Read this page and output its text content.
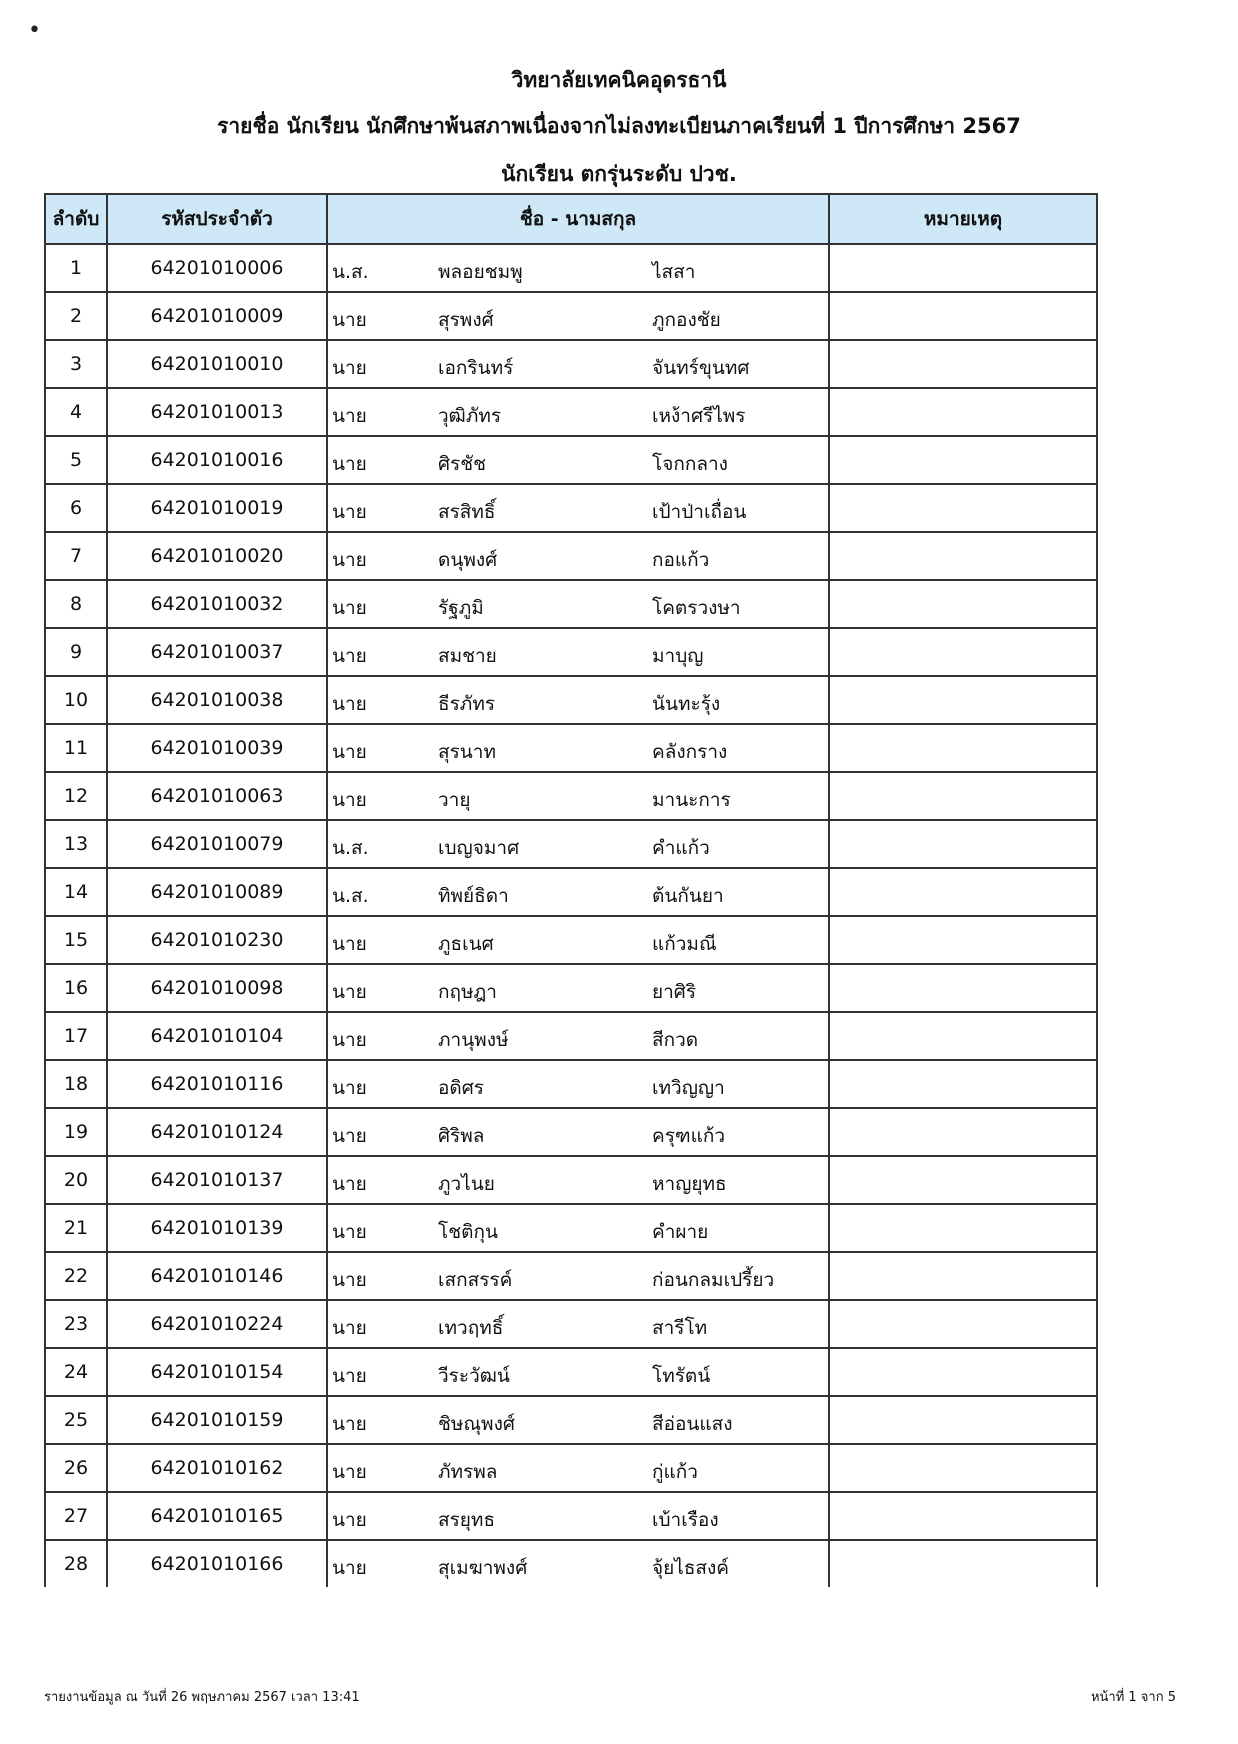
•
วิทยาลัยเทคนิคอุดรธานี
รายชื่อ นักเรียน นักศึกษาพ้นสภาพเนื่องจากไม่ลงทะเบียนภาคเรียนที่ 1 ปีการศึกษา 2567
นักเรียน ตกรุ่นระดับ ปวช.
ลำดับ	รหัสประจำตัว	ชื่อ - นามสกุล	หมายเหตุ
1	64201010006	น.ส. พลอยชมพู ไสสา	

2	64201010009	นาย สุรพงศ์ ภูกองชัย	

3	64201010010	นาย เอกรินทร์ จันทร์ขุนทศ	

4	64201010013	นาย วุฒิภัทร เหง้าศรีไพร	

5	64201010016	นาย ศิรชัช โจกกลาง	

6	64201010019	นาย สรสิทธิ์ เป้าป่าเถื่อน	

7	64201010020	นาย ดนุพงศ์ กอแก้ว	

8	64201010032	นาย รัฐภูมิ โคตรวงษา	

9	64201010037	นาย สมชาย มาบุญ	

10	64201010038	นาย ธีรภัทร นันทะรุ้ง	

11	64201010039	นาย สุรนาท คลังกราง	

12	64201010063	นาย วายุ มานะการ	

13	64201010079	น.ส. เบญจมาศ คำแก้ว	

14	64201010089	น.ส. ทิพย์ธิดา ต้นกันยา	

15	64201010230	นาย ภูธเนศ แก้วมณี	

16	64201010098	นาย กฤษฎา ยาศิริ	

17	64201010104	นาย ภานุพงษ์ สีกวด	

18	64201010116	นาย อดิศร เทวิญญา	

19	64201010124	นาย ศิริพล ครุฑแก้ว	

20	64201010137	นาย ภูวไนย หาญยุทธ	

21	64201010139	นาย โชติกุน คำผาย	

22	64201010146	นาย เสกสรรค์ ก่อนกลมเปรี้ยว	

23	64201010224	นาย เทวฤทธิ์ สารีโท	

24	64201010154	นาย วีระวัฒน์ โทรัตน์	

25	64201010159	นาย ชิษณุพงศ์ สีอ่อนแสง	

26	64201010162	นาย ภัทรพล กู่แก้ว	

27	64201010165	นาย สรยุทธ เบ้าเรือง	

28	64201010166	นาย สุเมฆาพงศ์ จุ้ยไธสงค์	

รายงานข้อมูล ณ วันที่ 26 พฤษภาคม 2567 เวลา 13:41	หน้าที่ 1 จาก 5
